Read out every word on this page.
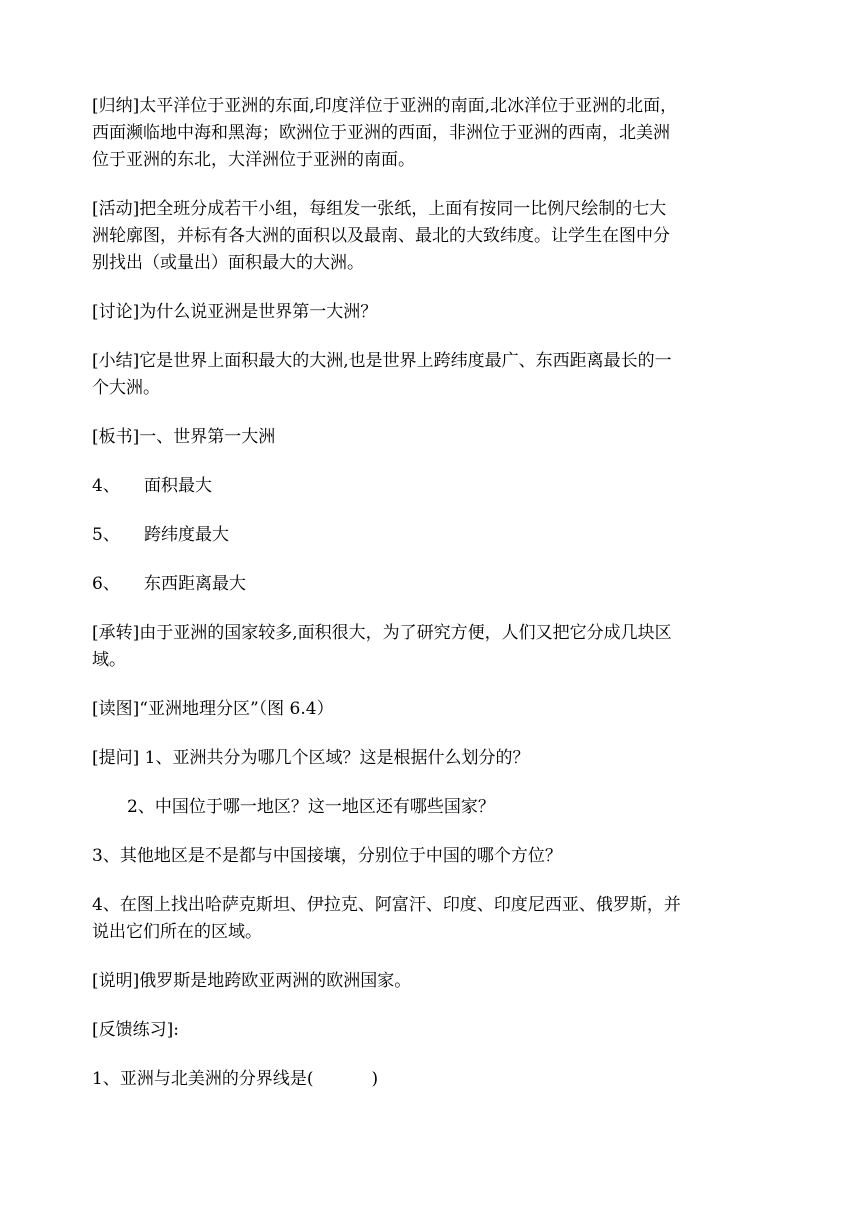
[归纳]太平洋位于亚洲的东面,印度洋位于亚洲的南面,北冰洋位于亚洲的北面，
西面濒临地中海和黑海；欧洲位于亚洲的西面，非洲位于亚洲的西南，北美洲
位于亚洲的东北，大洋洲位于亚洲的南面。

[活动]把全班分成若干小组，每组发一张纸，上面有按同一比例尺绘制的七大
洲轮廓图，并标有各大洲的面积以及最南、最北的大致纬度。让学生在图中分
别找出（或量出）面积最大的大洲。

[讨论]为什么说亚洲是世界第一大洲？

[小结]它是世界上面积最大的大洲,也是世界上跨纬度最广、东西距离最长的一
个大洲。

[板书]一、世界第一大洲

4、	面积最大

5、	跨纬度最大

6、	东西距离最大

[承转]由于亚洲的国家较多,面积很大，为了研究方便，人们又把它分成几块区
域。

[读图]“亚洲地理分区”（图 6.4）

[提问] 1、亚洲共分为哪几个区域？这是根据什么划分的？

2、中国位于哪一地区？这一地区还有哪些国家？

3、其他地区是不是都与中国接壤，分别位于中国的哪个方位？

4、在图上找出哈萨克斯坦、伊拉克、阿富汗、印度、印度尼西亚、俄罗斯，并
说出它们所在的区域。

[说明]俄罗斯是地跨欧亚两洲的欧洲国家。

[反馈练习]:

1、亚洲与北美洲的分界线是(	)
